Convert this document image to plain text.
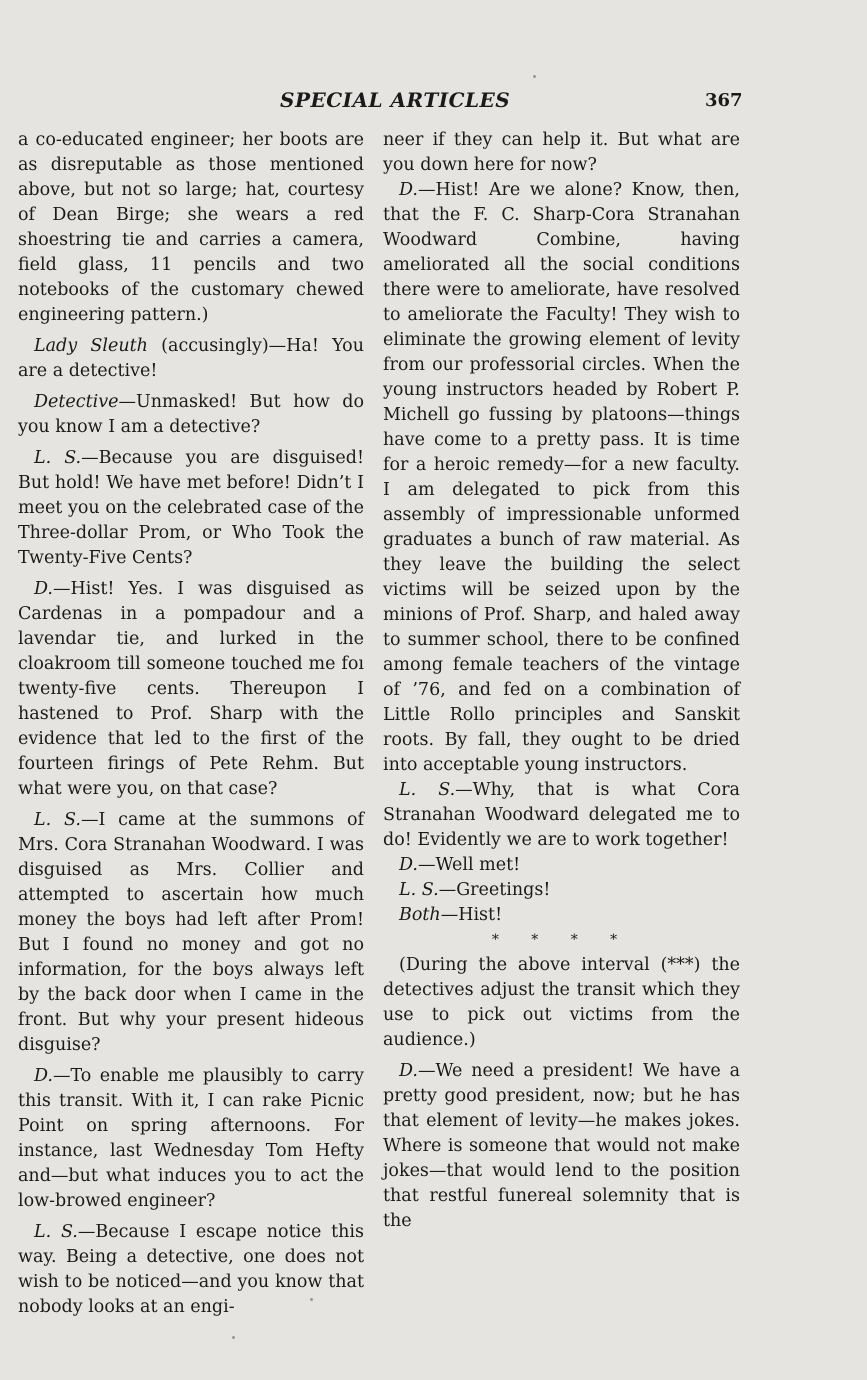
SPECIAL ARTICLES	367

a co-educated engineer; her boots are as disreputable as those mentioned above, but not so large; hat, courtesy of Dean Birge; she wears a red shoestring tie and carries a camera, field glass, 11 pencils and two notebooks of the customary chewed engineering pattern.)

Lady Sleuth (accusingly)—Ha! You are a detective!

Detective—Unmasked! But how do you know I am a detective?

L. S.—Because you are disguised! But hold! We have met before! Didn’t I meet you on the celebrated case of the Three-dollar Prom, or Who Took the Twenty-Five Cents?

D.—Hist! Yes. I was disguised as Cardenas in a pompadour and a lavendar tie, and lurked in the cloakroom till someone touched me foı twenty-five cents. Thereupon I hastened to Prof. Sharp with the evidence that led to the first of the fourteen firings of Pete Rehm. But what were you, on that case?

L. S.—I came at the summons of Mrs. Cora Stranahan Woodward. I was disguised as Mrs. Collier and attempted to ascertain how much money the boys had left after Prom! But I found no money and got no information, for the boys always left by the back door when I came in the front. But why your present hideous disguise?

D.—To enable me plausibly to carry this transit. With it, I can rake Picnic Point on spring afternoons. For instance, last Wednesday Tom Hefty and—but what induces you to act the low-browed engineer?

L. S.—Because I escape notice this way. Being a detective, one does not wish to be noticed—and you know that nobody looks at an engi-

neer if they can help it. But what are you down here for now?

D.—Hist! Are we alone? Know, then, that the F. C. Sharp-Cora Stranahan Woodward Combine, having ameliorated all the social conditions there were to ameliorate, have resolved to ameliorate the Faculty! They wish to eliminate the growing element of levity from our professorial circles. When the young instructors headed by Robert P. Michell go fussing by platoons—things have come to a pretty pass. It is time for a heroic remedy—for a new faculty. I am delegated to pick from this assembly of impressionable unformed graduates a bunch of raw material. As they leave the building the select victims will be seized upon by the minions of Prof. Sharp, and haled away to summer school, there to be confined among female teachers of the vintage of ’76, and fed on a combination of Little Rollo principles and Sanskit roots. By fall, they ought to be dried into acceptable young instructors.

L. S.—Why, that is what Cora Stranahan Woodward delegated me to do! Evidently we are to work together!

D.—Well met!

L. S.—Greetings!

Both—Hist!

* * * *

(During the above interval (***) the detectives adjust the transit which they use to pick out victims from the audience.)

D.—We need a president! We have a pretty good president, now; but he has that element of levity—he makes jokes. Where is someone that would not make jokes—that would lend to the position that restful funereal solemnity that is the
